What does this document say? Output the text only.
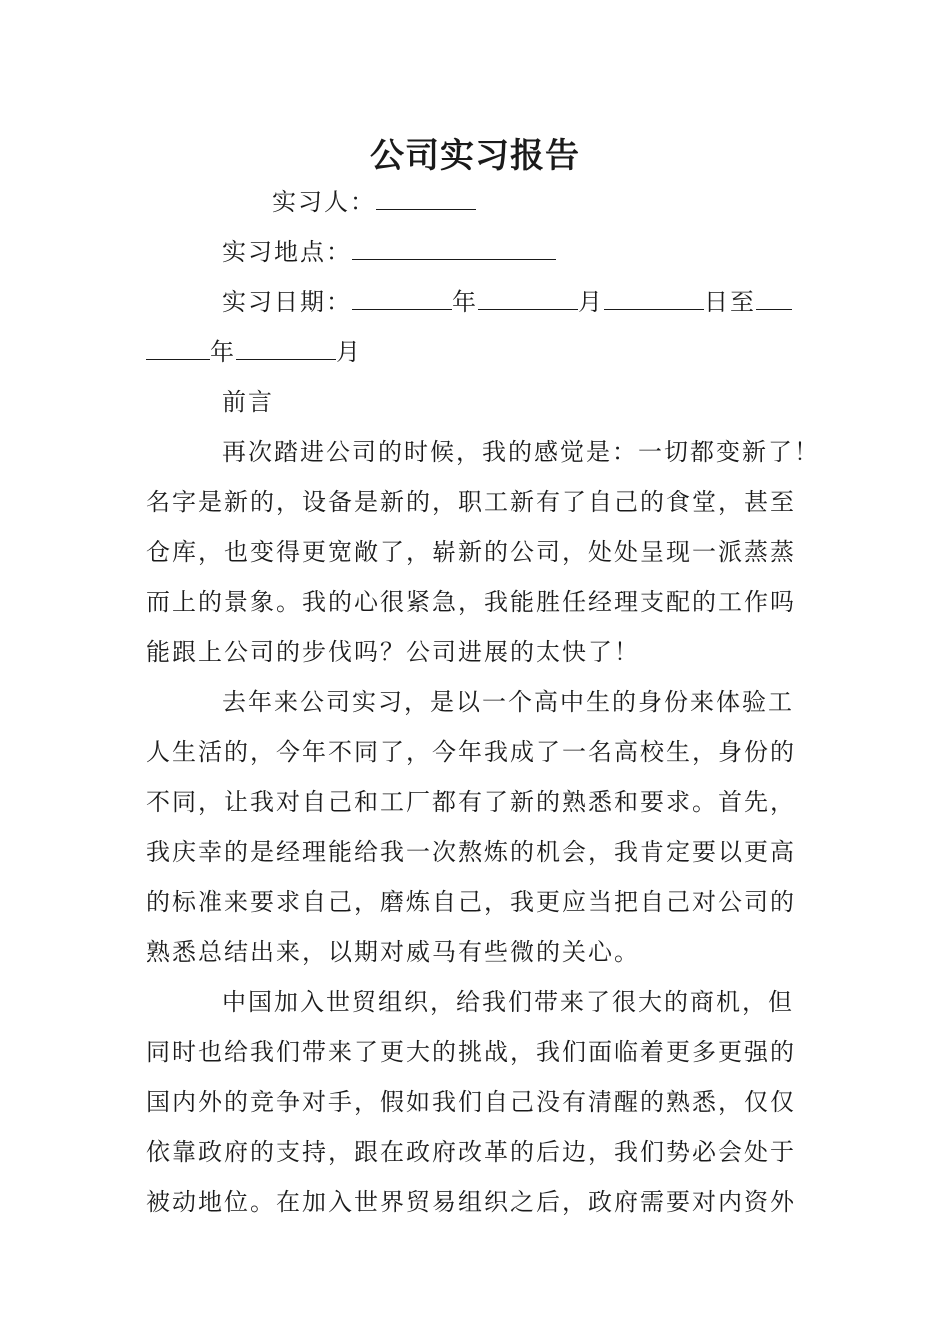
公司实习报告

实习人：

实习地点：

实习日期：	年	月	日至

年	月

前言

再次踏进公司的时候，我的感觉是：一切都变新了！

名字是新的，设备是新的，职工新有了自己的食堂，甚至

仓库，也变得更宽敞了，崭新的公司，处处呈现一派蒸蒸

而上的景象。我的心很紧急，我能胜任经理支配的工作吗

能跟上公司的步伐吗？公司进展的太快了！

去年来公司实习，是以一个高中生的身份来体验工

人生活的，今年不同了，今年我成了一名高校生，身份的

不同，让我对自己和工厂都有了新的熟悉和要求。首先，

我庆幸的是经理能给我一次熬炼的机会，我肯定要以更高

的标准来要求自己，磨炼自己，我更应当把自己对公司的

熟悉总结出来，以期对威马有些微的关心。

中国加入世贸组织，给我们带来了很大的商机，但

同时也给我们带来了更大的挑战，我们面临着更多更强的

国内外的竞争对手，假如我们自己没有清醒的熟悉，仅仅

依靠政府的支持，跟在政府改革的后边，我们势必会处于

被动地位。在加入世界贸易组织之后，政府需要对内资外
